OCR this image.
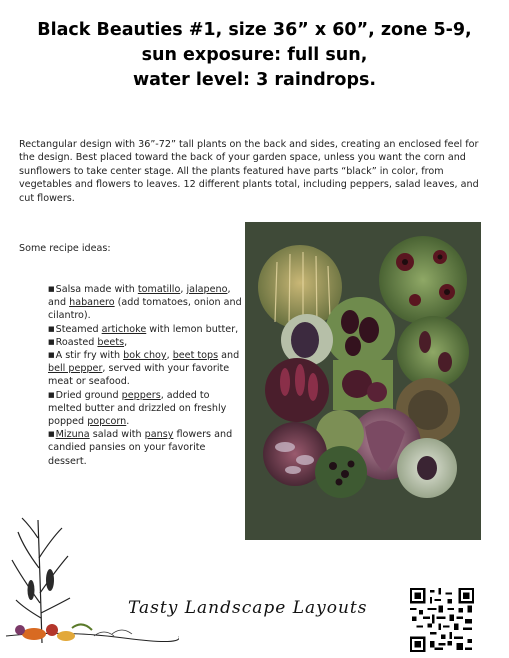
Black Beauties #1, size 36” x 60”, zone 5-9,
sun exposure: full sun,
water level: 3 raindrops.
Rectangular design with 36”-72” tall plants on the back and sides, creating an enclosed feel for the design. Best placed toward the back of your garden space, unless you want the corn and sunflowers to take center stage. All the plants featured have parts “black” in color, from vegetables and flowers to leaves. 12 different plants total, including peppers, salad leaves, and cut flowers.
Some recipe ideas:

■Salsa made with tomatillo, jalapeno, and habanero (add tomatoes, onion and cilantro).

■Steamed artichoke with lemon butter,

■Roasted beets,

■A stir fry with bok choy, beet tops and bell pepper, served with your favorite meat or seafood.

■Dried ground peppers, added to melted butter and drizzled on freshly popped popcorn.

■Mizuna salad with pansy flowers and candied pansies on your favorite dessert.

Tasty Landscape Layouts
